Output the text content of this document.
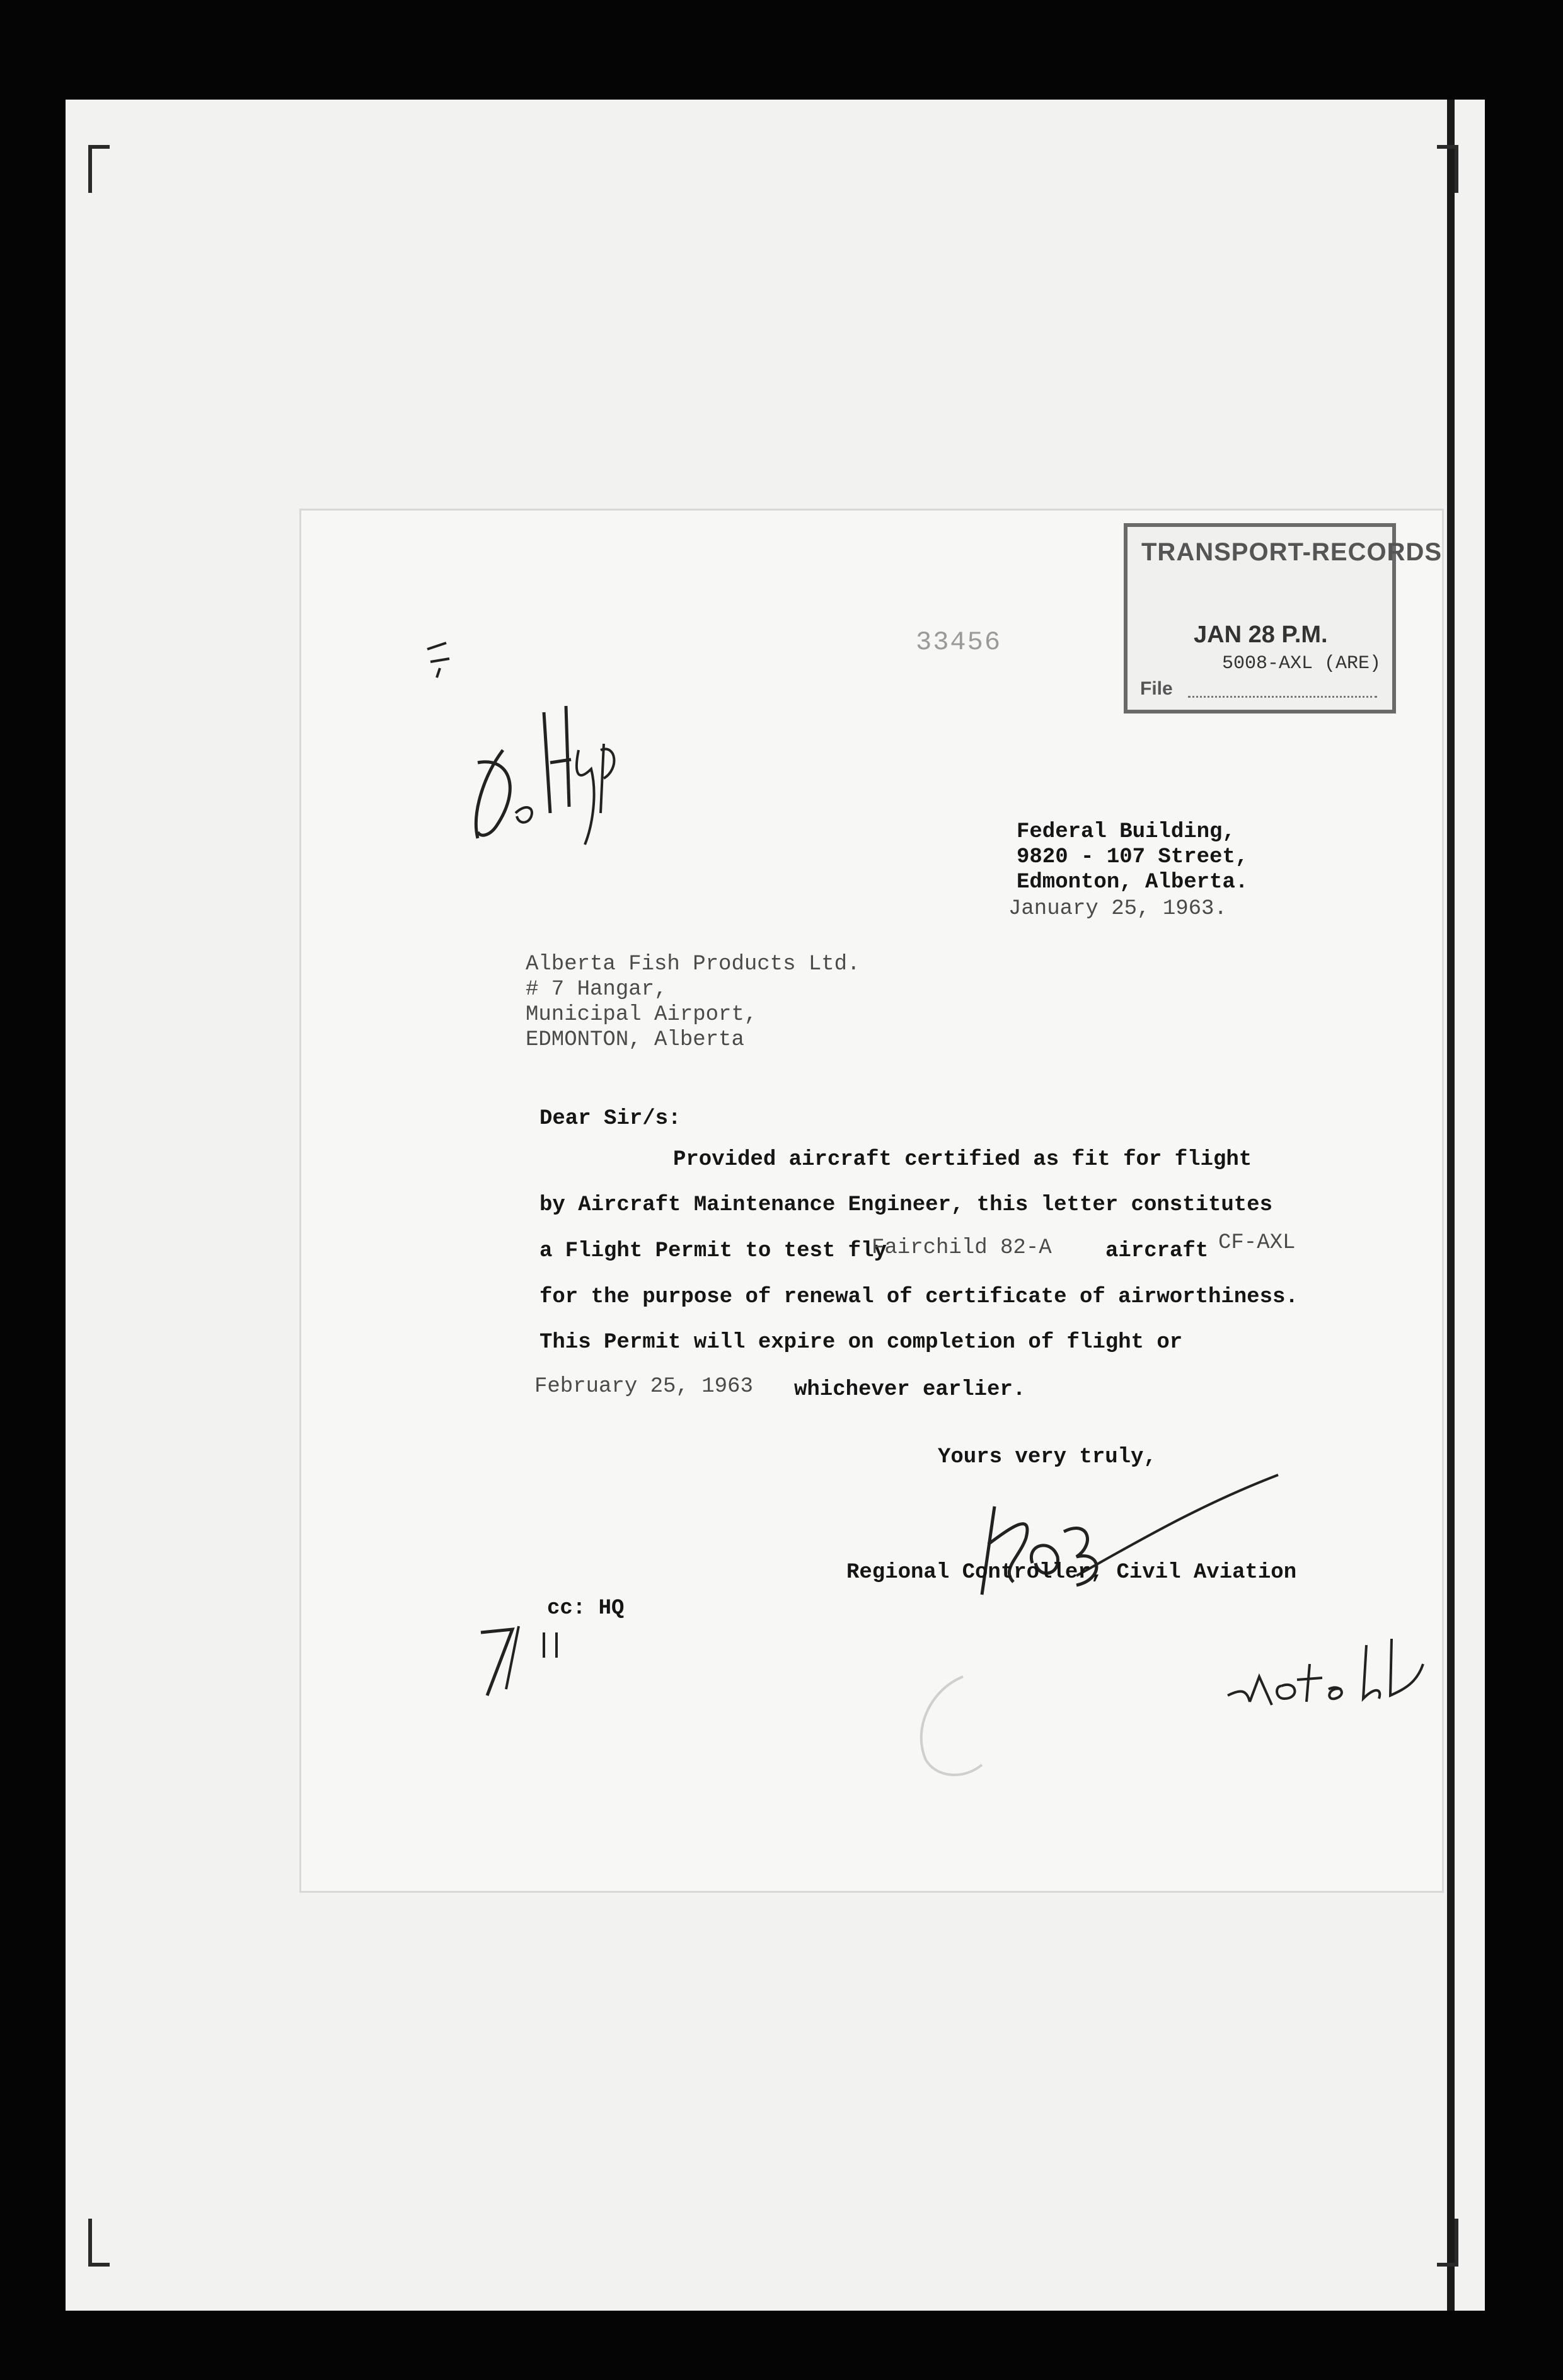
33456
TRANSPORT-RECORDS
JAN 28 P.M.
5008-AXL (ARE)
File
Federal Building,
9820 - 107 Street,
Edmonton, Alberta.
January 25, 1963.
Alberta Fish Products Ltd.
# 7 Hangar,
Municipal Airport,
EDMONTON, Alberta
Dear Sir/s:
Provided aircraft certified as fit for flight
by Aircraft Maintenance Engineer, this letter constitutes
a Flight Permit to test fly
Fairchild 82-A	aircraft CF-AXL
for the purpose of renewal of certificate of airworthiness.
This Permit will expire on completion of flight or
February 25, 1963 whichever earlier.
Yours very truly,
Regional Controller, Civil Aviation
cc: HQ
